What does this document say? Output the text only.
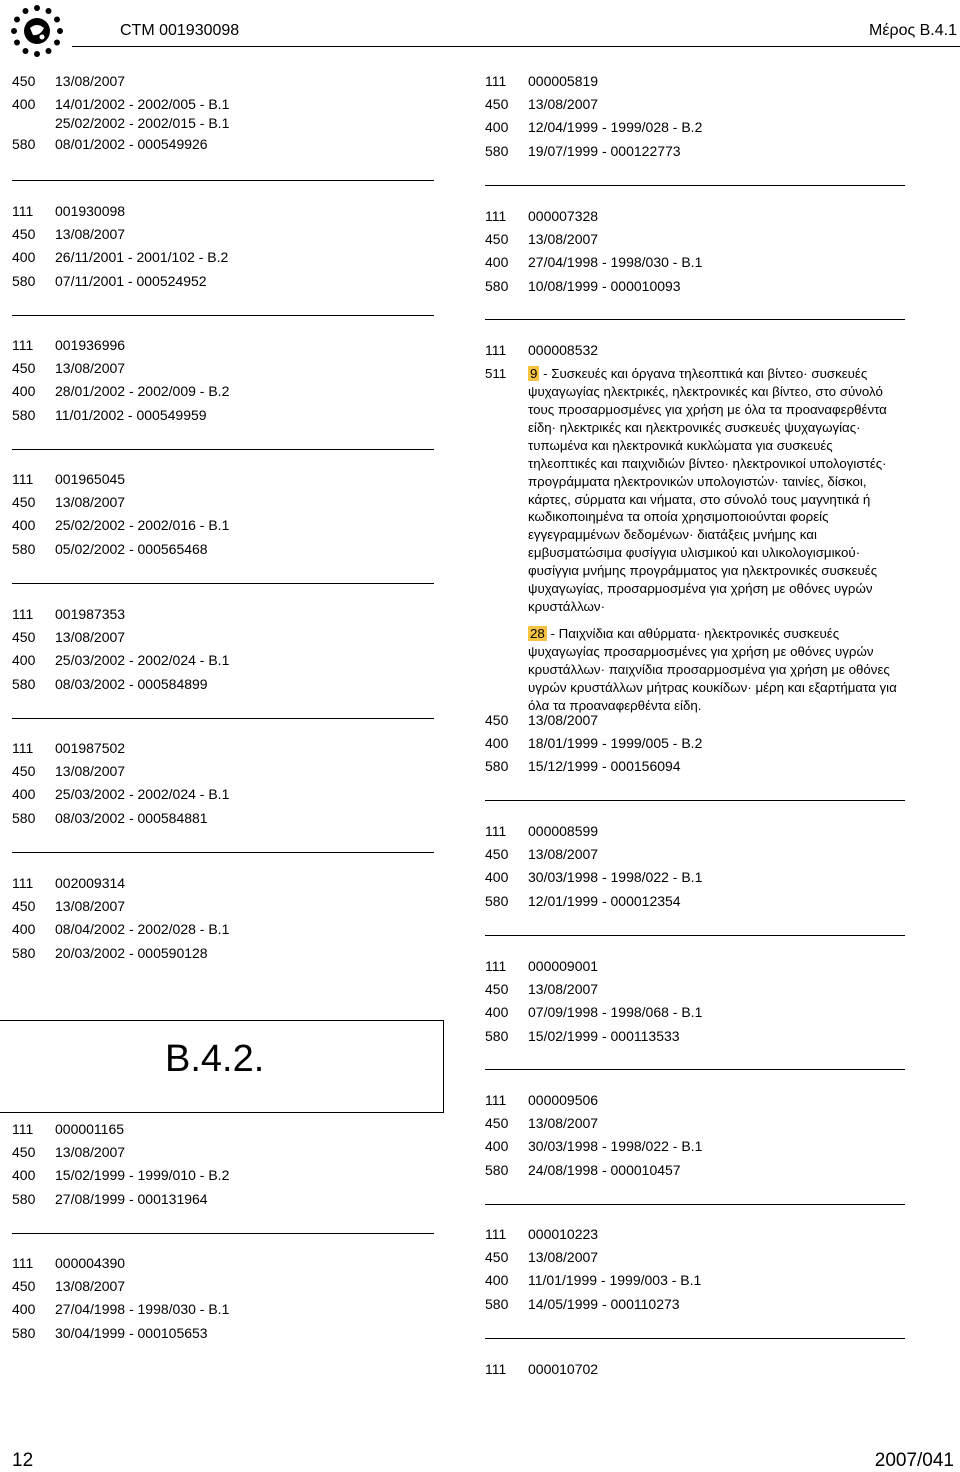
CTM 001930098	Μέρος Β.4.1
450	13/08/2007
400	14/01/2002 - 2002/005 - B.1
25/02/2002 - 2002/015 - B.1
580	08/01/2002 - 000549926
111	001930098
450	13/08/2007
400	26/11/2001 - 2001/102 - B.2
580	07/11/2001 - 000524952
111	001936996
450	13/08/2007
400	28/01/2002 - 2002/009 - B.2
580	11/01/2002 - 000549959
111	001965045
450	13/08/2007
400	25/02/2002 - 2002/016 - B.1
580	05/02/2002 - 000565468
111	001987353
450	13/08/2007
400	25/03/2002 - 2002/024 - B.1
580	08/03/2002 - 000584899
111	001987502
450	13/08/2007
400	25/03/2002 - 2002/024 - B.1
580	08/03/2002 - 000584881
111	002009314
450	13/08/2007
400	08/04/2002 - 2002/028 - B.1
580	20/03/2002 - 000590128
111	000001165
450	13/08/2007
400	15/02/1999 - 1999/010 - B.2
580	27/08/1999 - 000131964
111	000004390
450	13/08/2007
400	27/04/1998 - 1998/030 - B.1
580	30/04/1999 - 000105653
B.4.2.
111	000005819
450	13/08/2007
400	12/04/1999 - 1999/028 - B.2
580	19/07/1999 - 000122773
111	000007328
450	13/08/2007
400	27/04/1998 - 1998/030 - B.1
580	10/08/1999 - 000010093
111	000008532
511	9 - Συσκευές και όργανα τηλεοπτικά και βίντεο· συσκευές ψυχαγωγίας ηλεκτρικές, ηλεκτρονικές και βίντεο, στο σύνολό τους προσαρμοσμένες για χρήση με όλα τα προαναφερθέντα είδη· ηλεκτρικές και ηλεκτρονικές συσκευές ψυχαγωγίας· τυπωμένα και ηλεκτρονικά κυκλώματα για συσκευές τηλεοπτικές και παιχνιδιών βίντεο· ηλεκτρονικοί υπολογιστές· προγράμματα ηλεκτρονικών υπολογιστών· ταινίες, δίσκοι, κάρτες, σύρματα και νήματα, στο σύνολό τους μαγνητικά ή κωδικοποιημένα τα οποία χρησιμοποιούνται φορείς εγγεγραμμένων δεδομένων· διατάξεις μνήμης και εμβυσματώσιμα φυσίγγια υλισμικού και υλικολογισμικού· φυσίγγια μνήμης προγράμματος για ηλεκτρονικές συσκευές ψυχαγωγίας, προσαρμοσμένα για χρήση με οθόνες υγρών κρυστάλλων·

28 - Παιχνίδια και αθύρματα· ηλεκτρονικές συσκευές ψυχαγωγίας προσαρμοσμένες για χρήση με οθόνες υγρών κρυστάλλων· παιχνίδια προσαρμοσμένα για χρήση με οθόνες υγρών κρυστάλλων μήτρας κουκίδων· μέρη και εξαρτήματα για όλα τα προαναφερθέντα είδη.

450	13/08/2007
400	18/01/1999 - 1999/005 - B.2
580	15/12/1999 - 000156094
111	000008599
450	13/08/2007
400	30/03/1998 - 1998/022 - B.1
580	12/01/1999 - 000012354
111	000009001
450	13/08/2007
400	07/09/1998 - 1998/068 - B.1
580	15/02/1999 - 000113533
111	000009506
450	13/08/2007
400	30/03/1998 - 1998/022 - B.1
580	24/08/1998 - 000010457
111	000010223
450	13/08/2007
400	11/01/1999 - 1999/003 - B.1
580	14/05/1999 - 000110273
111	000010702
12	2007/041
